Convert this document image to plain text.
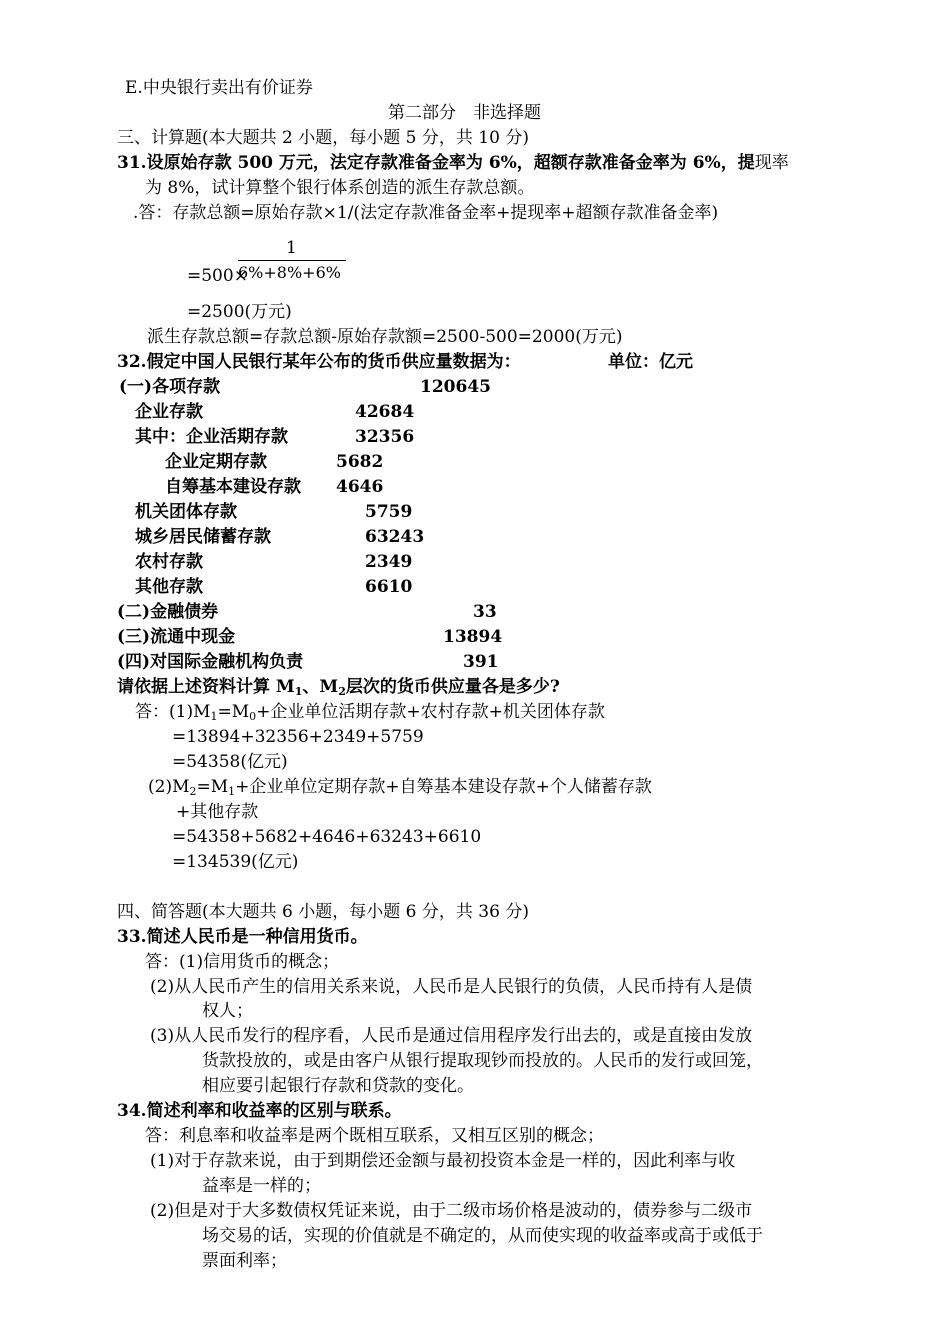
E.中央银行卖出有价证券
第二部分　非选择题
三、计算题(本大题共 2 小题，每小题 5 分，共 10 分)
31.设原始存款 500 万元，法定存款准备金率为 6%，超额存款准备金率为 6%，提现率
为 8%，试计算整个银行体系创造的派生存款总额。
.答：存款总额=原始存款×1/(法定存款准备金率+提现率+超额存款准备金率)
1
=500×
6%+8%+6%
=2500(万元)
派生存款总额=存款总额-原始存款额=2500-500=2000(万元)
32.假定中国人民银行某年公布的货币供应量数据为：	单位：亿元
(一)各项存款	120645
企业存款	42684
其中：企业活期存款	32356
企业定期存款	5682
自筹基本建设存款 4646
机关团体存款	5759
城乡居民储蓄存款	63243
农村存款	2349
其他存款	6610
(二)金融债券	33
(三)流通中现金	13894
(四)对国际金融机构负责	391
请依据上述资料计算 $M_1$、$M_2$层次的货币供应量各是多少?
答：$(1)M_1=M_0+$企业单位活期存款+农村存款+机关团体存款
=13894+32356+2349+5759
=54358(亿元)
$(2)M_2=M_1+$企业单位定期存款+自筹基本建设存款+个人储蓄存款
+其他存款
=54358+5682+4646+63243+6610
=134539(亿元)
四、简答题(本大题共 6 小题，每小题 6 分，共 36 分)
33.简述人民币是一种信用货币。
答：(1)信用货币的概念；
(2)从人民币产生的信用关系来说，人民币是人民银行的负债，人民币持有人是债
权人；
(3)从人民币发行的程序看，人民币是通过信用程序发行出去的，或是直接由发放
货款投放的，或是由客户从银行提取现钞而投放的。人民币的发行或回笼，
相应要引起银行存款和贷款的变化。
34.简述利率和收益率的区别与联系。
答：利息率和收益率是两个既相互联系，又相互区别的概念；
(1)对于存款来说，由于到期偿还金额与最初投资本金是一样的，因此利率与收
益率是一样的；
(2)但是对于大多数债权凭证来说，由于二级市场价格是波动的，债券参与二级市
场交易的话，实现的价值就是不确定的，从而使实现的收益率或高于或低于
票面利率；
